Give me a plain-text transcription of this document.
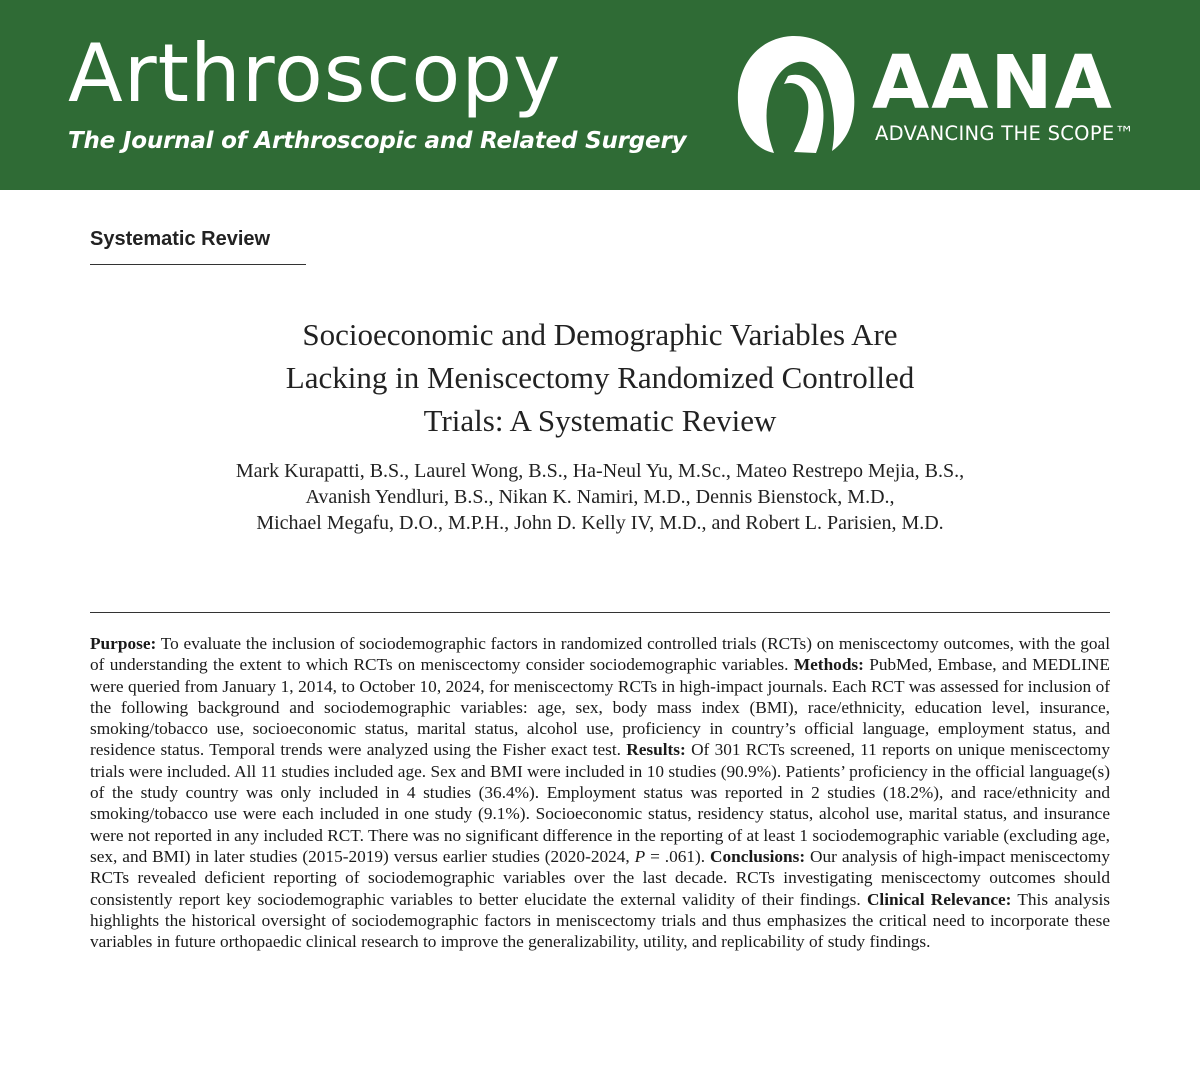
Arthroscopy
The Journal of Arthroscopic and Related Surgery
AANA
ADVANCING THE SCOPE™
Systematic Review
Socioeconomic and Demographic Variables Are
Lacking in Meniscectomy Randomized Controlled
Trials: A Systematic Review
Mark Kurapatti, B.S., Laurel Wong, B.S., Ha-Neul Yu, M.Sc., Mateo Restrepo Mejia, B.S.,
Avanish Yendluri, B.S., Nikan K. Namiri, M.D., Dennis Bienstock, M.D.,
Michael Megafu, D.O., M.P.H., John D. Kelly IV, M.D., and Robert L. Parisien, M.D.

Purpose: To evaluate the inclusion of sociodemographic factors in randomized controlled trials (RCTs) on meniscectomy outcomes, with the goal of understanding the extent to which RCTs on meniscectomy consider sociodemographic variables. Methods: PubMed, Embase, and MEDLINE were queried from January 1, 2014, to October 10, 2024, for meniscectomy RCTs in high-impact journals. Each RCT was assessed for inclusion of the following background and sociodemographic variables: age, sex, body mass index (BMI), race/ethnicity, education level, insurance, smoking/tobacco use, socioeconomic status, marital status, alcohol use, proficiency in country’s official language, employment status, and residence status. Temporal trends were analyzed using the Fisher exact test. Results: Of 301 RCTs screened, 11 reports on unique meniscectomy trials were included. All 11 studies included age. Sex and BMI were included in 10 studies (90.9%). Patients’ proficiency in the official language(s) of the study country was only included in 4 studies (36.4%). Employment status was reported in 2 studies (18.2%), and race/ethnicity and smoking/tobacco use were each included in one study (9.1%). Socioeconomic status, residency status, alcohol use, marital status, and insurance were not reported in any included RCT. There was no significant difference in the reporting of at least 1 sociodemographic variable (excluding age, sex, and BMI) in later studies (2015-2019) versus earlier studies (2020-2024, P = .061). Conclusions: Our analysis of high-impact meniscectomy RCTs revealed deficient reporting of sociodemographic variables over the last decade. RCTs investigating meniscectomy outcomes should consistently report key sociodemographic variables to better elucidate the external validity of their findings. Clinical Relevance: This analysis highlights the historical oversight of sociodemographic factors in meniscectomy trials and thus emphasizes the critical need to incorporate these variables in future orthopaedic clinical research to improve the generalizability, utility, and replicability of study findings.
